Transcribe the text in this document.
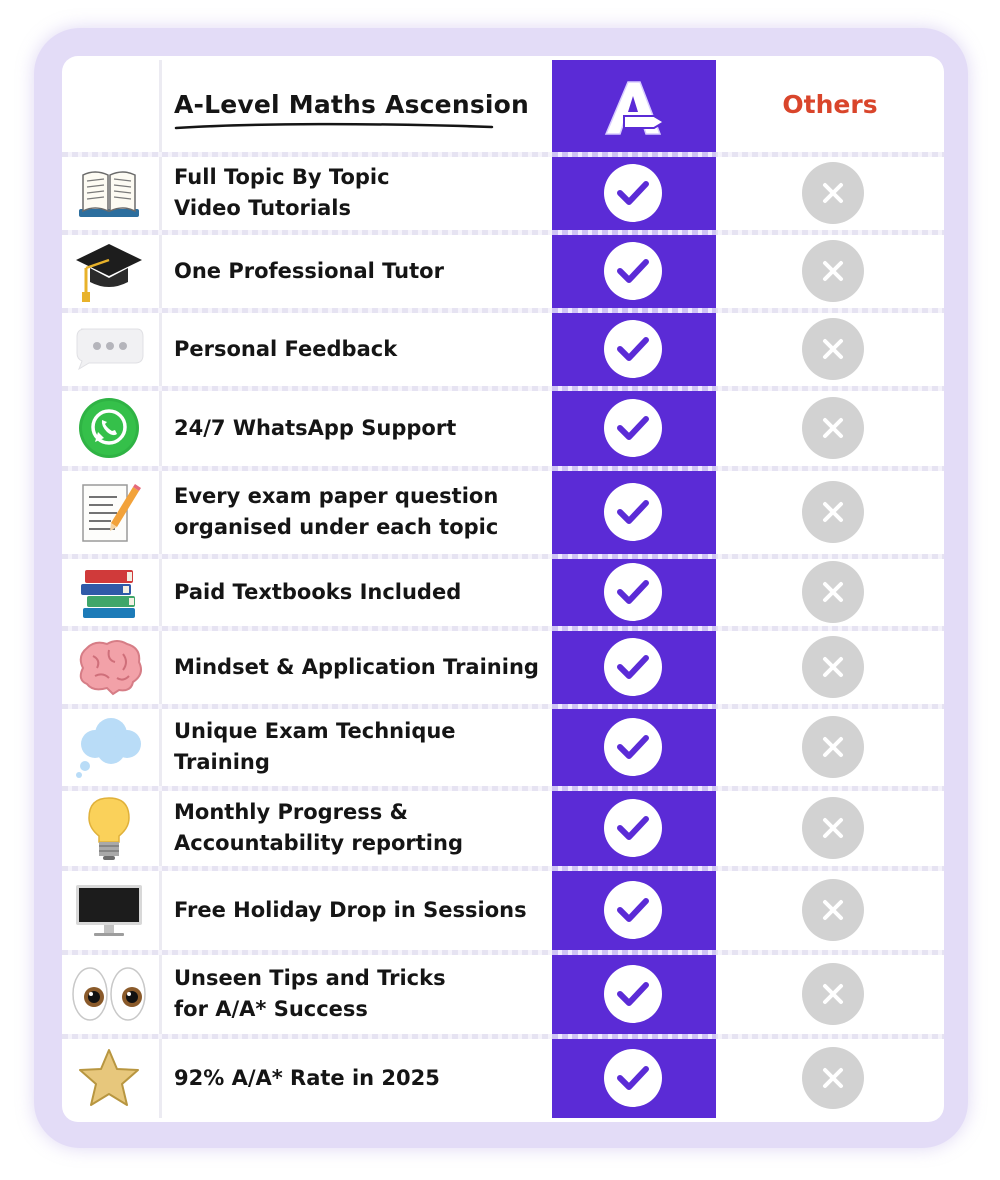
A-Level Maths Ascension	Others
Full Topic By Topic
Video Tutorials
One Professional Tutor
Personal Feedback
24/7 WhatsApp Support
Every exam paper question
organised under each topic
Paid Textbooks Included
Mindset & Application Training
Unique Exam Technique
Training
Monthly Progress &
Accountability reporting
Free Holiday Drop in Sessions
Unseen Tips and Tricks
for A/A* Success
92% A/A* Rate in 2025
